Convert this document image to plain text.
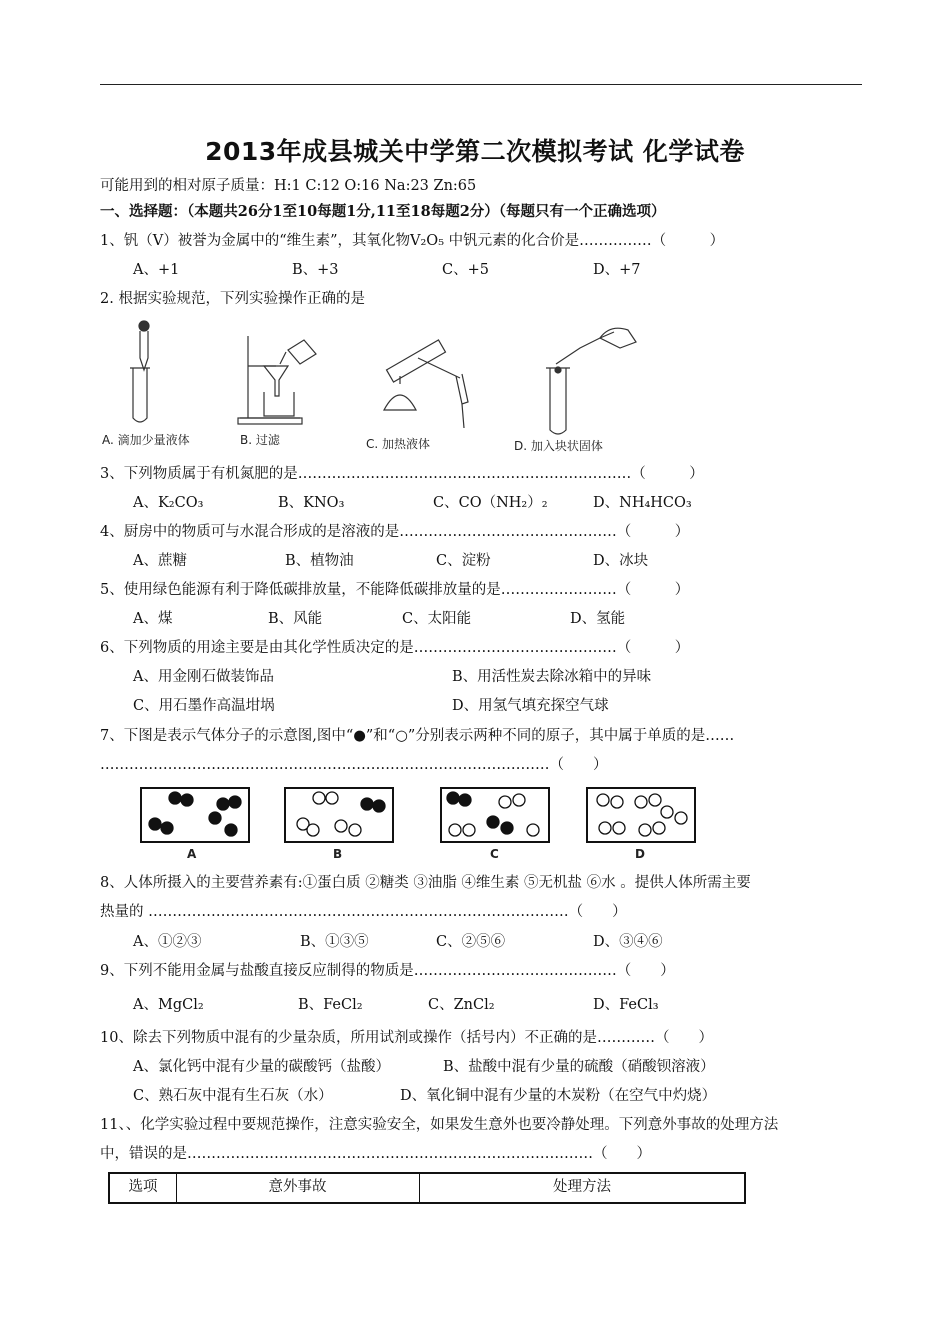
2013年成县城关中学第二次模拟考试 化学试卷
可能用到的相对原子质量：H:1 C:12 O:16 Na:23 Zn:65
一、选择题：（本题共26分1至10每题1分,11至18每题2分）（每题只有一个正确选项）
1、钒（V）被誉为金属中的“维生素”，其氧化物V₂O₅ 中钒元素的化合价是……………（　　　）
A、+1	B、+3	C、+5	D、+7
2. 根据实验规范，下列实验操作正确的是
A. 滴加少量液体	B. 过滤	C. 加热液体	D. 加入块状固体
3、下列物质属于有机氮肥的是……………………………………………………………（　　　）
A、K₂CO₃	B、KNO₃	C、CO（NH₂）₂	D、NH₄HCO₃
4、厨房中的物质可与水混合形成的是溶液的是………………………………………（　　　）
A、蔗糖	B、植物油	C、淀粉	D、冰块
5、使用绿色能源有利于降低碳排放量，不能降低碳排放量的是……………………（　　　）
A、煤	B、风能	C、太阳能	D、氢能
6、下列物质的用途主要是由其化学性质决定的是……………………………………（　　　）
A、用金刚石做装饰品	B、用活性炭去除冰箱中的异味
C、用石墨作高温坩埚	D、用氢气填充探空气球
7、下图是表示气体分子的示意图,图中“●”和“○”分别表示两种不同的原子，其中属于单质的是……
…………………………………………………………………………………（　　）
A	B	C	D
8、人体所摄入的主要营养素有:①蛋白质 ②糖类 ③油脂 ④维生素 ⑤无机盐 ⑥水 。提供人体所需主要
热量的 ……………………………………………………………………………（　　）
A、①②③	B、①③⑤	C、②⑤⑥	D、③④⑥
9、下列不能用金属与盐酸直接反应制得的物质是……………………………………（　　）
A、MgCl₂	B、FeCl₂	C、ZnCl₂	D、FeCl₃
10、除去下列物质中混有的少量杂质，所用试剂或操作（括号内）不正确的是…………（　　）
A、氯化钙中混有少量的碳酸钙（盐酸）	B、盐酸中混有少量的硫酸（硝酸钡溶液）
C、熟石灰中混有生石灰（水）	D、氧化铜中混有少量的木炭粉（在空气中灼烧）
11、、化学实验过程中要规范操作，注意实验安全，如果发生意外也要冷静处理。下列意外事故的处理方法
中，错误的是…………………………………………………………………………（　　）
选项	意外事故	处理方法
